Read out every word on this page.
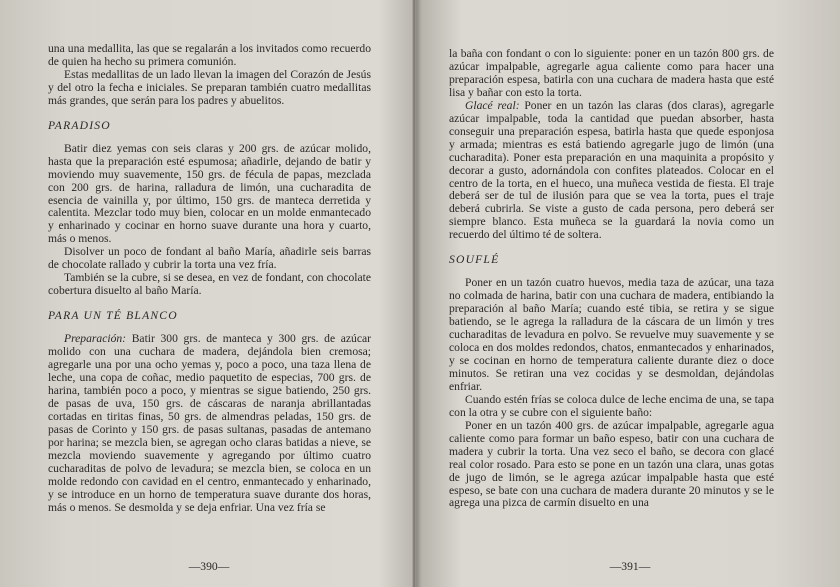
una una medallita, las que se regalarán a los invitados como recuerdo de quien ha hecho su primera comunión.

Estas medallitas de un lado llevan la imagen del Corazón de Jesús y del otro la fecha e iniciales. Se preparan también cuatro medallitas más grandes, que serán para los padres y abuelitos.

PARADISO

Batir diez yemas con seis claras y 200 grs. de azúcar molido, hasta que la preparación esté espumosa; añadirle, dejando de batir y moviendo muy suavemente, 150 grs. de fécula de papas, mezclada con 200 grs. de harina, ralladura de limón, una cucharadita de esencia de vainilla y, por último, 150 grs. de manteca derretida y calentita. Mezclar todo muy bien, colocar en un molde enmantecado y enharinado y cocinar en horno suave durante una hora y cuarto, más o menos.

Disolver un poco de fondant al baño María, añadirle seis barras de chocolate rallado y cubrir la torta una vez fría.

También se la cubre, si se desea, en vez de fondant, con chocolate cobertura disuelto al baño María.

PARA UN TÉ BLANCO

Preparación: Batir 300 grs. de manteca y 300 grs. de azúcar molido con una cuchara de madera, dejándola bien cremosa; agregarle una por una ocho yemas y, poco a poco, una taza llena de leche, una copa de coñac, medio paquetito de especias, 700 grs. de harina, también poco a poco, y mientras se sigue batiendo, 250 grs. de pasas de uva, 150 grs. de cáscaras de naranja abrillantadas cortadas en tiritas finas, 50 grs. de almendras peladas, 150 grs. de pasas de Corinto y 150 grs. de pasas sultanas, pasadas de antemano por harina; se mezcla bien, se agregan ocho claras batidas a nieve, se mezcla moviendo suavemente y agregando por último cuatro cucharaditas de polvo de levadura; se mezcla bien, se coloca en un molde redondo con cavidad en el centro, enmantecado y enharinado, y se introduce en un horno de temperatura suave durante dos horas, más o menos. Se desmolda y se deja enfriar. Una vez fría se

—390—

la baña con fondant o con lo siguiente: poner en un tazón 800 grs. de azúcar impalpable, agregarle agua caliente como para hacer una preparación espesa, batirla con una cuchara de madera hasta que esté lisa y bañar con esto la torta.

Glacé real: Poner en un tazón las claras (dos claras), agregarle azúcar impalpable, toda la cantidad que puedan absorber, hasta conseguir una preparación espesa, batirla hasta que quede esponjosa y armada; mientras es está batiendo agregarle jugo de limón (una cucharadita). Poner esta preparación en una maquinita a propósito y decorar a gusto, adornándola con confites plateados. Colocar en el centro de la torta, en el hueco, una muñeca vestida de fiesta. El traje deberá ser de tul de ilusión para que se vea la torta, pues el traje deberá cubrirla. Se viste a gusto de cada persona, pero deberá ser siempre blanco. Esta muñeca se la guardará la novia como un recuerdo del último té de soltera.

SOUFLÉ

Poner en un tazón cuatro huevos, media taza de azúcar, una taza no colmada de harina, batir con una cuchara de madera, entibiando la preparación al baño María; cuando esté tibia, se retira y se sigue batiendo, se le agrega la ralladura de la cáscara de un limón y tres cucharaditas de levadura en polvo. Se revuelve muy suavemente y se coloca en dos moldes redondos, chatos, enmantecados y enharinados, y se cocinan en horno de temperatura caliente durante diez o doce minutos. Se retiran una vez cocidas y se desmoldan, dejándolas enfriar.

Cuando estén frías se coloca dulce de leche encima de una, se tapa con la otra y se cubre con el siguiente baño:

Poner en un tazón 400 grs. de azúcar impalpable, agregarle agua caliente como para formar un baño espeso, batir con una cuchara de madera y cubrir la torta. Una vez seco el baño, se decora con glacé real color rosado. Para esto se pone en un tazón una clara, unas gotas de jugo de limón, se le agrega azúcar impalpable hasta que esté espeso, se bate con una cuchara de madera durante 20 minutos y se le agrega una pizca de carmín disuelto en una

—391—
